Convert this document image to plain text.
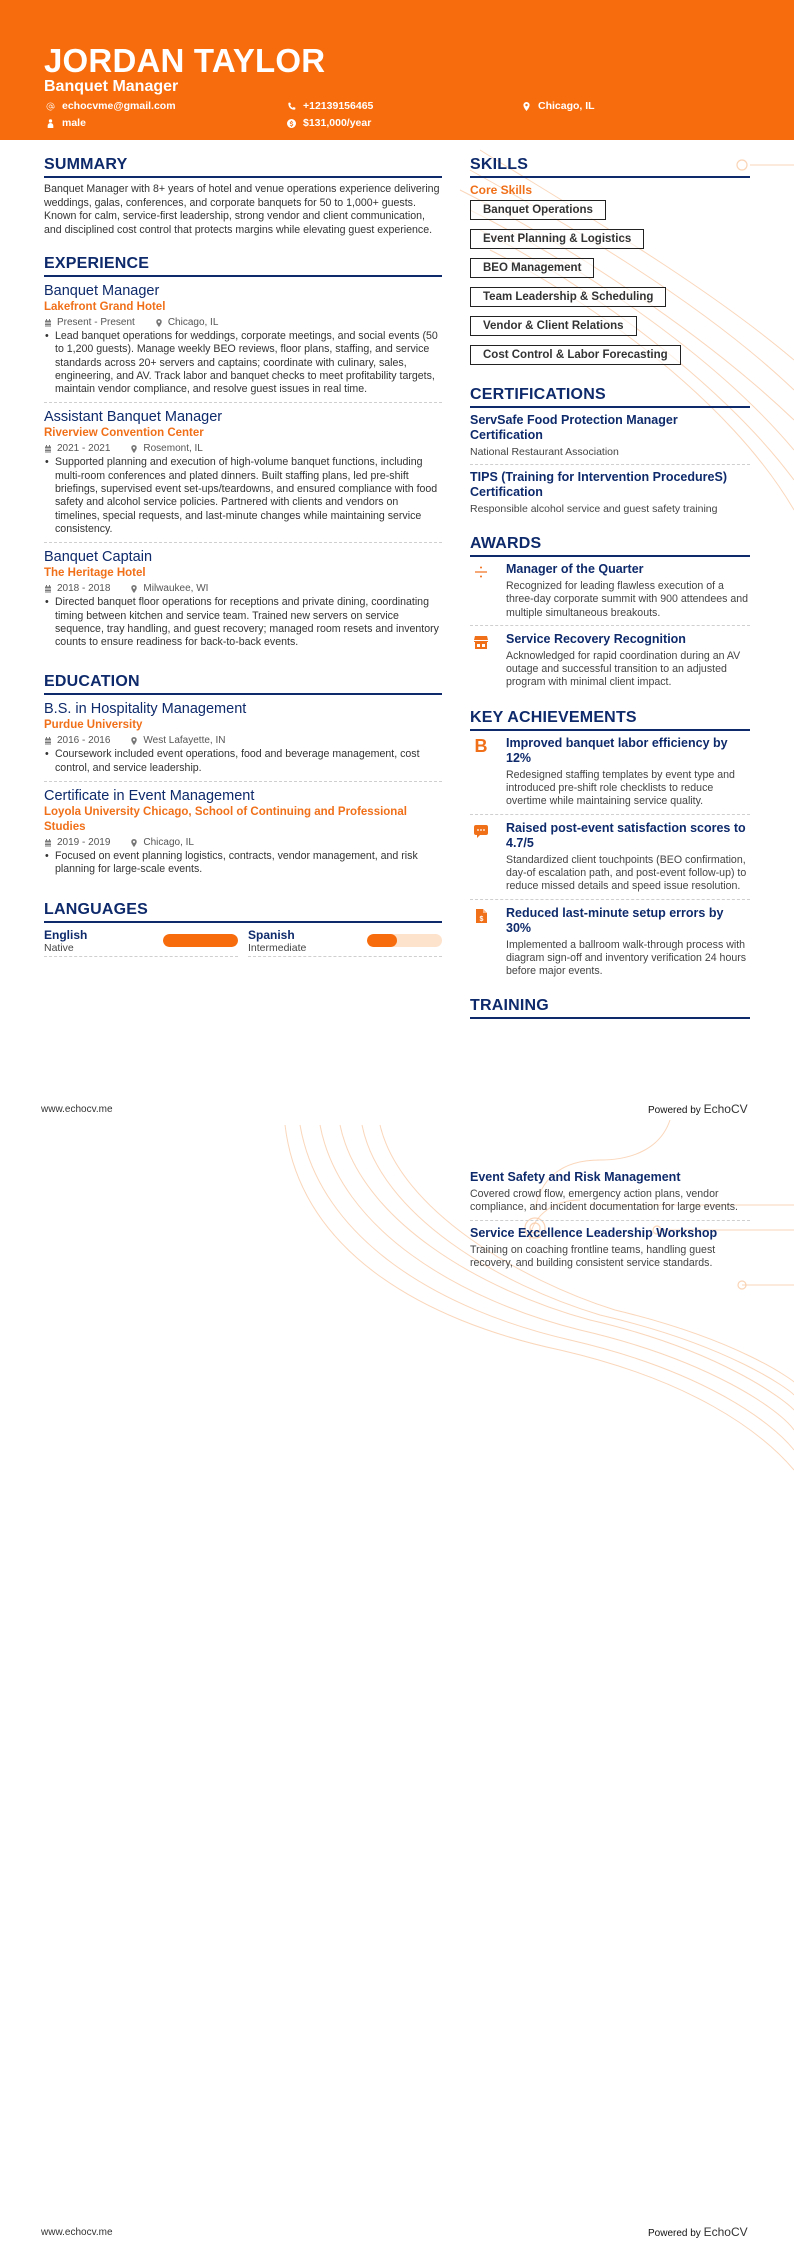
JORDAN TAYLOR
Banquet Manager
echocvme@gmail.com	+12139156465	Chicago, IL
male	$131,000/year
SUMMARY
Banquet Manager with 8+ years of hotel and venue operations experience delivering weddings, galas, conferences, and corporate banquets for 50 to 1,000+ guests. Known for calm, service-first leadership, strong vendor and client communication, and disciplined cost control that protects margins while elevating guest experience.
EXPERIENCE
Banquet Manager
Lakefront Grand Hotel
Present - Present	Chicago, IL
• Lead banquet operations for weddings, corporate meetings, and social events (50 to 1,200 guests). Manage weekly BEO reviews, floor plans, staffing, and service standards across 20+ servers and captains; coordinate with culinary, sales, engineering, and AV. Track labor and banquet checks to meet profitability targets, maintain vendor compliance, and resolve guest issues in real time.
Assistant Banquet Manager
Riverview Convention Center
2021 - 2021	Rosemont, IL
• Supported planning and execution of high-volume banquet functions, including multi-room conferences and plated dinners. Built staffing plans, led pre-shift briefings, supervised event set-ups/teardowns, and ensured compliance with food safety and alcohol service policies. Partnered with clients and vendors on timelines, special requests, and last-minute changes while maintaining service consistency.
Banquet Captain
The Heritage Hotel
2018 - 2018	Milwaukee, WI
• Directed banquet floor operations for receptions and private dining, coordinating timing between kitchen and service team. Trained new servers on service sequence, tray handling, and guest recovery; managed room resets and inventory counts to ensure readiness for back-to-back events.
EDUCATION
B.S. in Hospitality Management
Purdue University
2016 - 2016	West Lafayette, IN
• Coursework included event operations, food and beverage management, cost control, and service leadership.
Certificate in Event Management
Loyola University Chicago, School of Continuing and Professional Studies
2019 - 2019	Chicago, IL
• Focused on event planning logistics, contracts, vendor management, and risk planning for large-scale events.
LANGUAGES
English
Native
Spanish
Intermediate
SKILLS
Core Skills
Banquet Operations
Event Planning & Logistics
BEO Management
Team Leadership & Scheduling
Vendor & Client Relations
Cost Control & Labor Forecasting
CERTIFICATIONS
ServSafe Food Protection Manager Certification
National Restaurant Association
TIPS (Training for Intervention ProcedureS) Certification
Responsible alcohol service and guest safety training
AWARDS
Manager of the Quarter
Recognized for leading flawless execution of a three-day corporate summit with 900 attendees and multiple simultaneous breakouts.
Service Recovery Recognition
Acknowledged for rapid coordination during an AV outage and successful transition to an adjusted program with minimal client impact.
KEY ACHIEVEMENTS
B Improved banquet labor efficiency by 12%
Redesigned staffing templates by event type and introduced pre-shift role checklists to reduce overtime while maintaining service quality.
Raised post-event satisfaction scores to 4.7/5
Standardized client touchpoints (BEO confirmation, day-of escalation path, and post-event follow-up) to reduce missed details and speed issue resolution.
$ Reduced last-minute setup errors by 30%
Implemented a ballroom walk-through process with diagram sign-off and inventory verification 24 hours before major events.
TRAINING
www.echocv.me	Powered by EchoCV
Event Safety and Risk Management
Covered crowd flow, emergency action plans, vendor compliance, and incident documentation for large events.
Service Excellence Leadership Workshop
Training on coaching frontline teams, handling guest recovery, and building consistent service standards.
www.echocv.me	Powered by EchoCV
